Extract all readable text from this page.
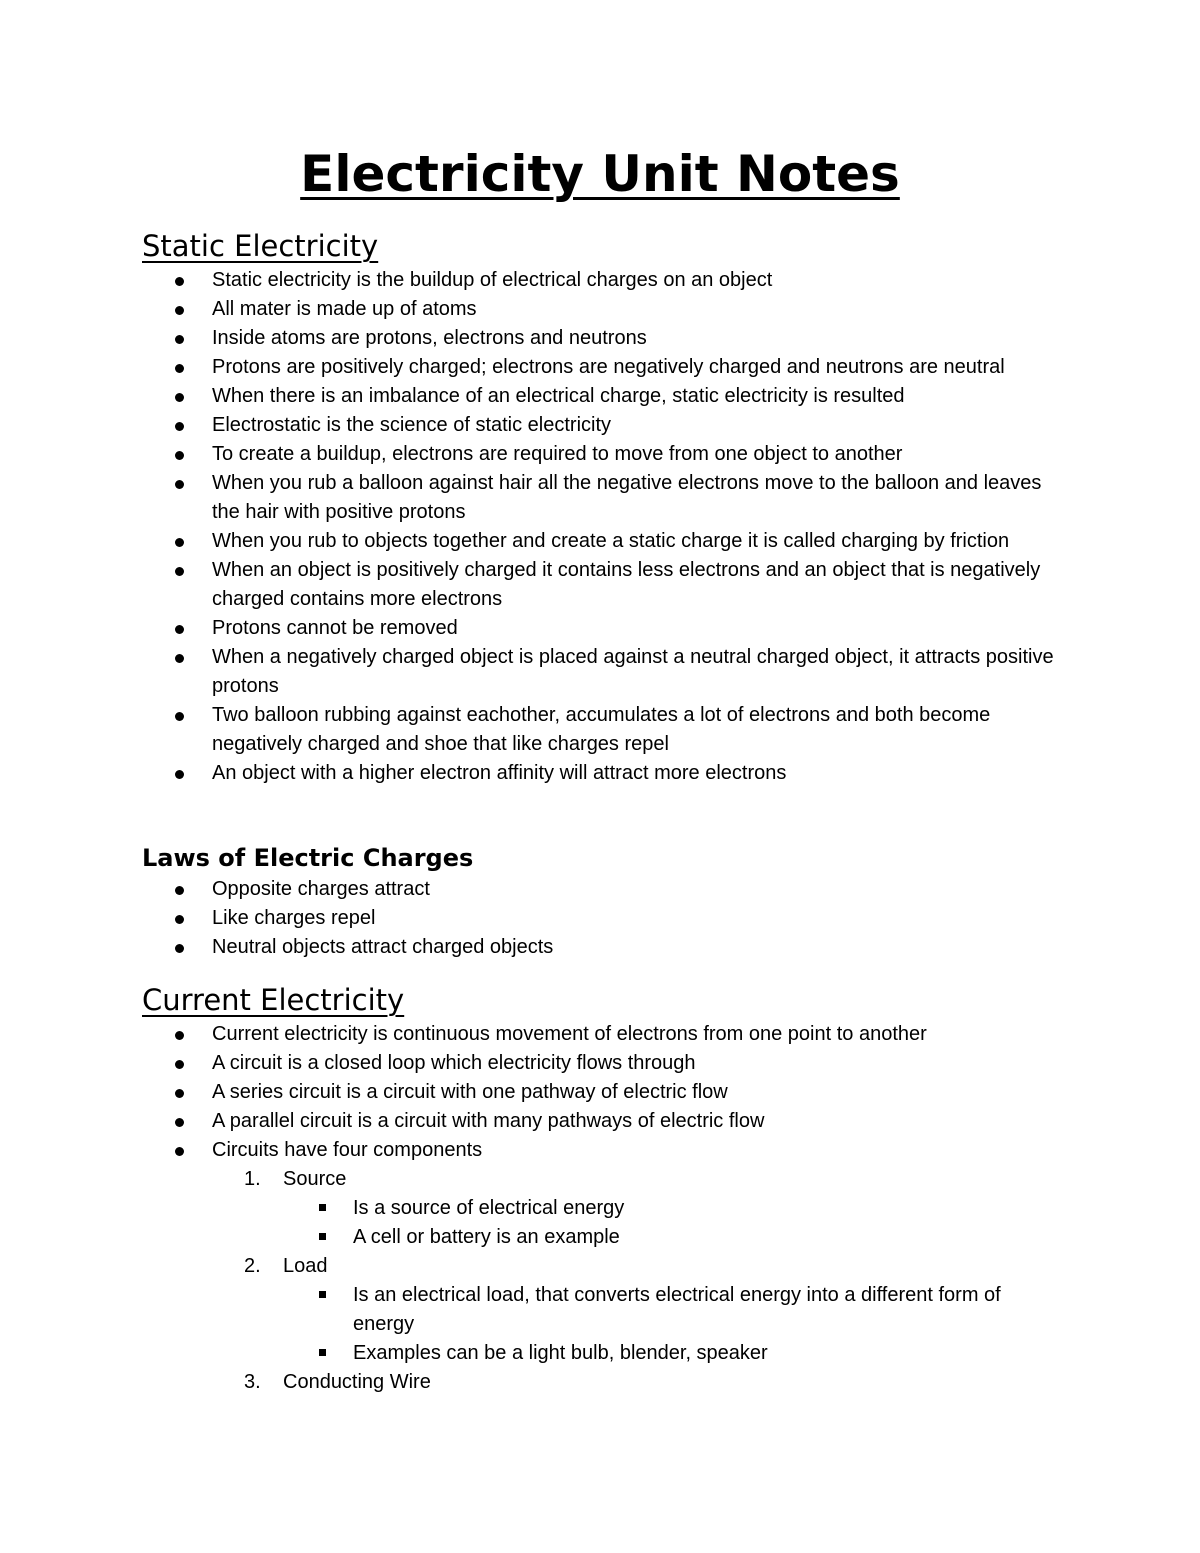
Electricity Unit Notes
Static Electricity
Static electricity is the buildup of electrical charges on an object
All mater is made up of atoms
Inside atoms are protons, electrons and neutrons
Protons are positively charged; electrons are negatively charged and neutrons are neutral
When there is an imbalance of an electrical charge, static electricity is resulted
Electrostatic is the science of static electricity
To create a buildup, electrons are required to move from one object to another
When you rub a balloon against hair all the negative electrons move to the balloon and leaves the hair with positive protons
When you rub to objects together and create a static charge it is called charging by friction
When an object is positively charged it contains less electrons and an object that is negatively charged contains more electrons
Protons cannot be removed
When a negatively charged object is placed against a neutral charged object, it attracts positive protons
Two balloon rubbing against eachother, accumulates a lot of electrons and both become negatively charged and shoe that like charges repel
An object with a higher electron affinity will attract more electrons
Laws of Electric Charges
Opposite charges attract
Like charges repel
Neutral objects attract charged objects
Current Electricity
Current electricity is continuous movement of electrons from one point to another
A circuit is a closed loop which electricity flows through
A series circuit is a circuit with one pathway of electric flow
A parallel circuit is a circuit with many pathways of electric flow
Circuits have four components
1. Source
Is a source of electrical energy
A cell or battery is an example
2. Load
Is an electrical load, that converts electrical energy into a different form of energy
Examples can be a light bulb, blender, speaker
3. Conducting Wire
